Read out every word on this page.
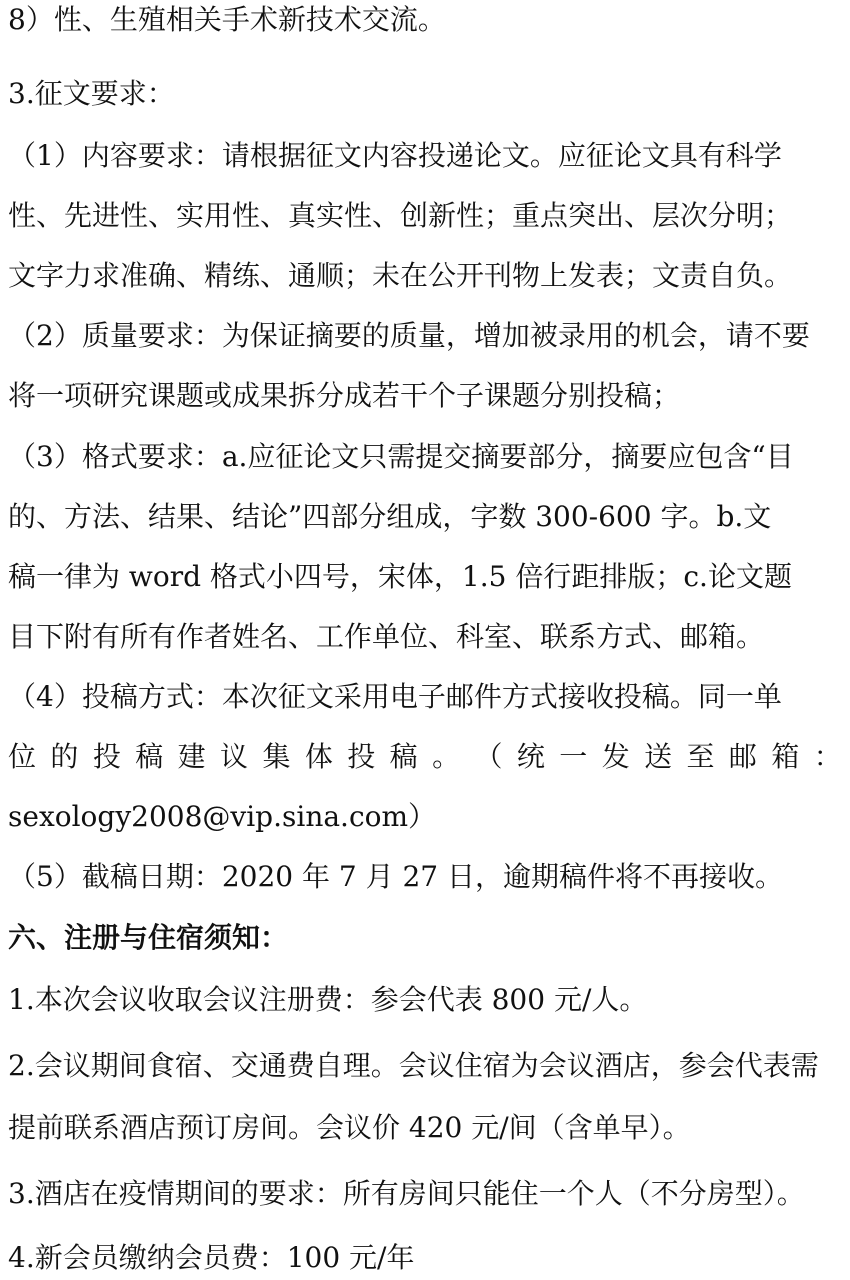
8）性、生殖相关手术新技术交流。
3.征文要求：
（1）内容要求：请根据征文内容投递论文。应征论文具有科学
性、先进性、实用性、真实性、创新性；重点突出、层次分明；
文字力求准确、精练、通顺；未在公开刊物上发表；文责自负。
（2）质量要求：为保证摘要的质量，增加被录用的机会，请不要
将一项研究课题或成果拆分成若干个子课题分别投稿；
（3）格式要求：a.应征论文只需提交摘要部分，摘要应包含“目
的、方法、结果、结论”四部分组成，字数 300-600 字。b.文
稿一律为 word 格式小四号，宋体，1.5 倍行距排版；c.论文题
目下附有所有作者姓名、工作单位、科室、联系方式、邮箱。
（4）投稿方式：本次征文采用电子邮件方式接收投稿。同一单
位 的 投 稿 建 议 集 体 投 稿 。 （ 统 一 发 送 至 邮 箱 ：
sexology2008@vip.sina.com）
（5）截稿日期：2020 年 7 月 27 日，逾期稿件将不再接收。
六、注册与住宿须知：
1.本次会议收取会议注册费：参会代表 800 元/人。
2.会议期间食宿、交通费自理。会议住宿为会议酒店，参会代表需
提前联系酒店预订房间。会议价 420 元/间（含单早）。
3.酒店在疫情期间的要求：所有房间只能住一个人（不分房型）。
4.新会员缴纳会员费：100 元/年
